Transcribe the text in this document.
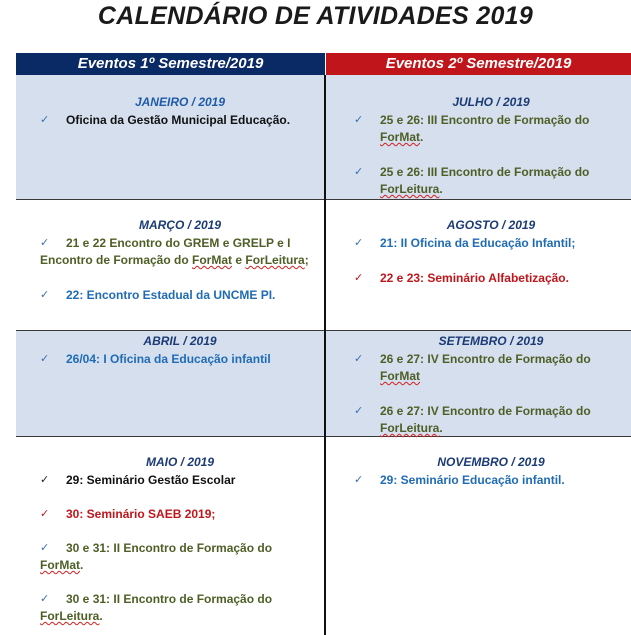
CALENDÁRIO DE ATIVIDADES 2019
Eventos 1º Semestre/2019	Eventos 2º Semestre/2019
JANEIRO / 2019
✓ Oficina da Gestão Municipal Educação.
MARÇO / 2019
✓ 21 e 22 Encontro do GREM e GRELP e I
Encontro de Formação do ForMat e ForLeitura;
✓ 22: Encontro Estadual da UNCME PI.
ABRIL / 2019
✓ 26/04: I Oficina da Educação infantil
MAIO / 2019
✓ 29: Seminário Gestão Escolar
✓ 30: Seminário SAEB 2019;
✓ 30 e 31: II Encontro de Formação do
ForMat.
✓ 30 e 31: II Encontro de Formação do
ForLeitura.
JULHO / 2019
✓ 25 e 26: III Encontro de Formação do
ForMat.
✓ 25 e 26: III Encontro de Formação do
ForLeitura.
AGOSTO / 2019
✓ 21: II Oficina da Educação Infantil;
✓ 22 e 23: Seminário Alfabetização.
SETEMBRO / 2019
✓ 26 e 27: IV Encontro de Formação do
ForMat
✓ 26 e 27: IV Encontro de Formação do
ForLeitura.
NOVEMBRO / 2019
✓ 29: Seminário Educação infantil.
